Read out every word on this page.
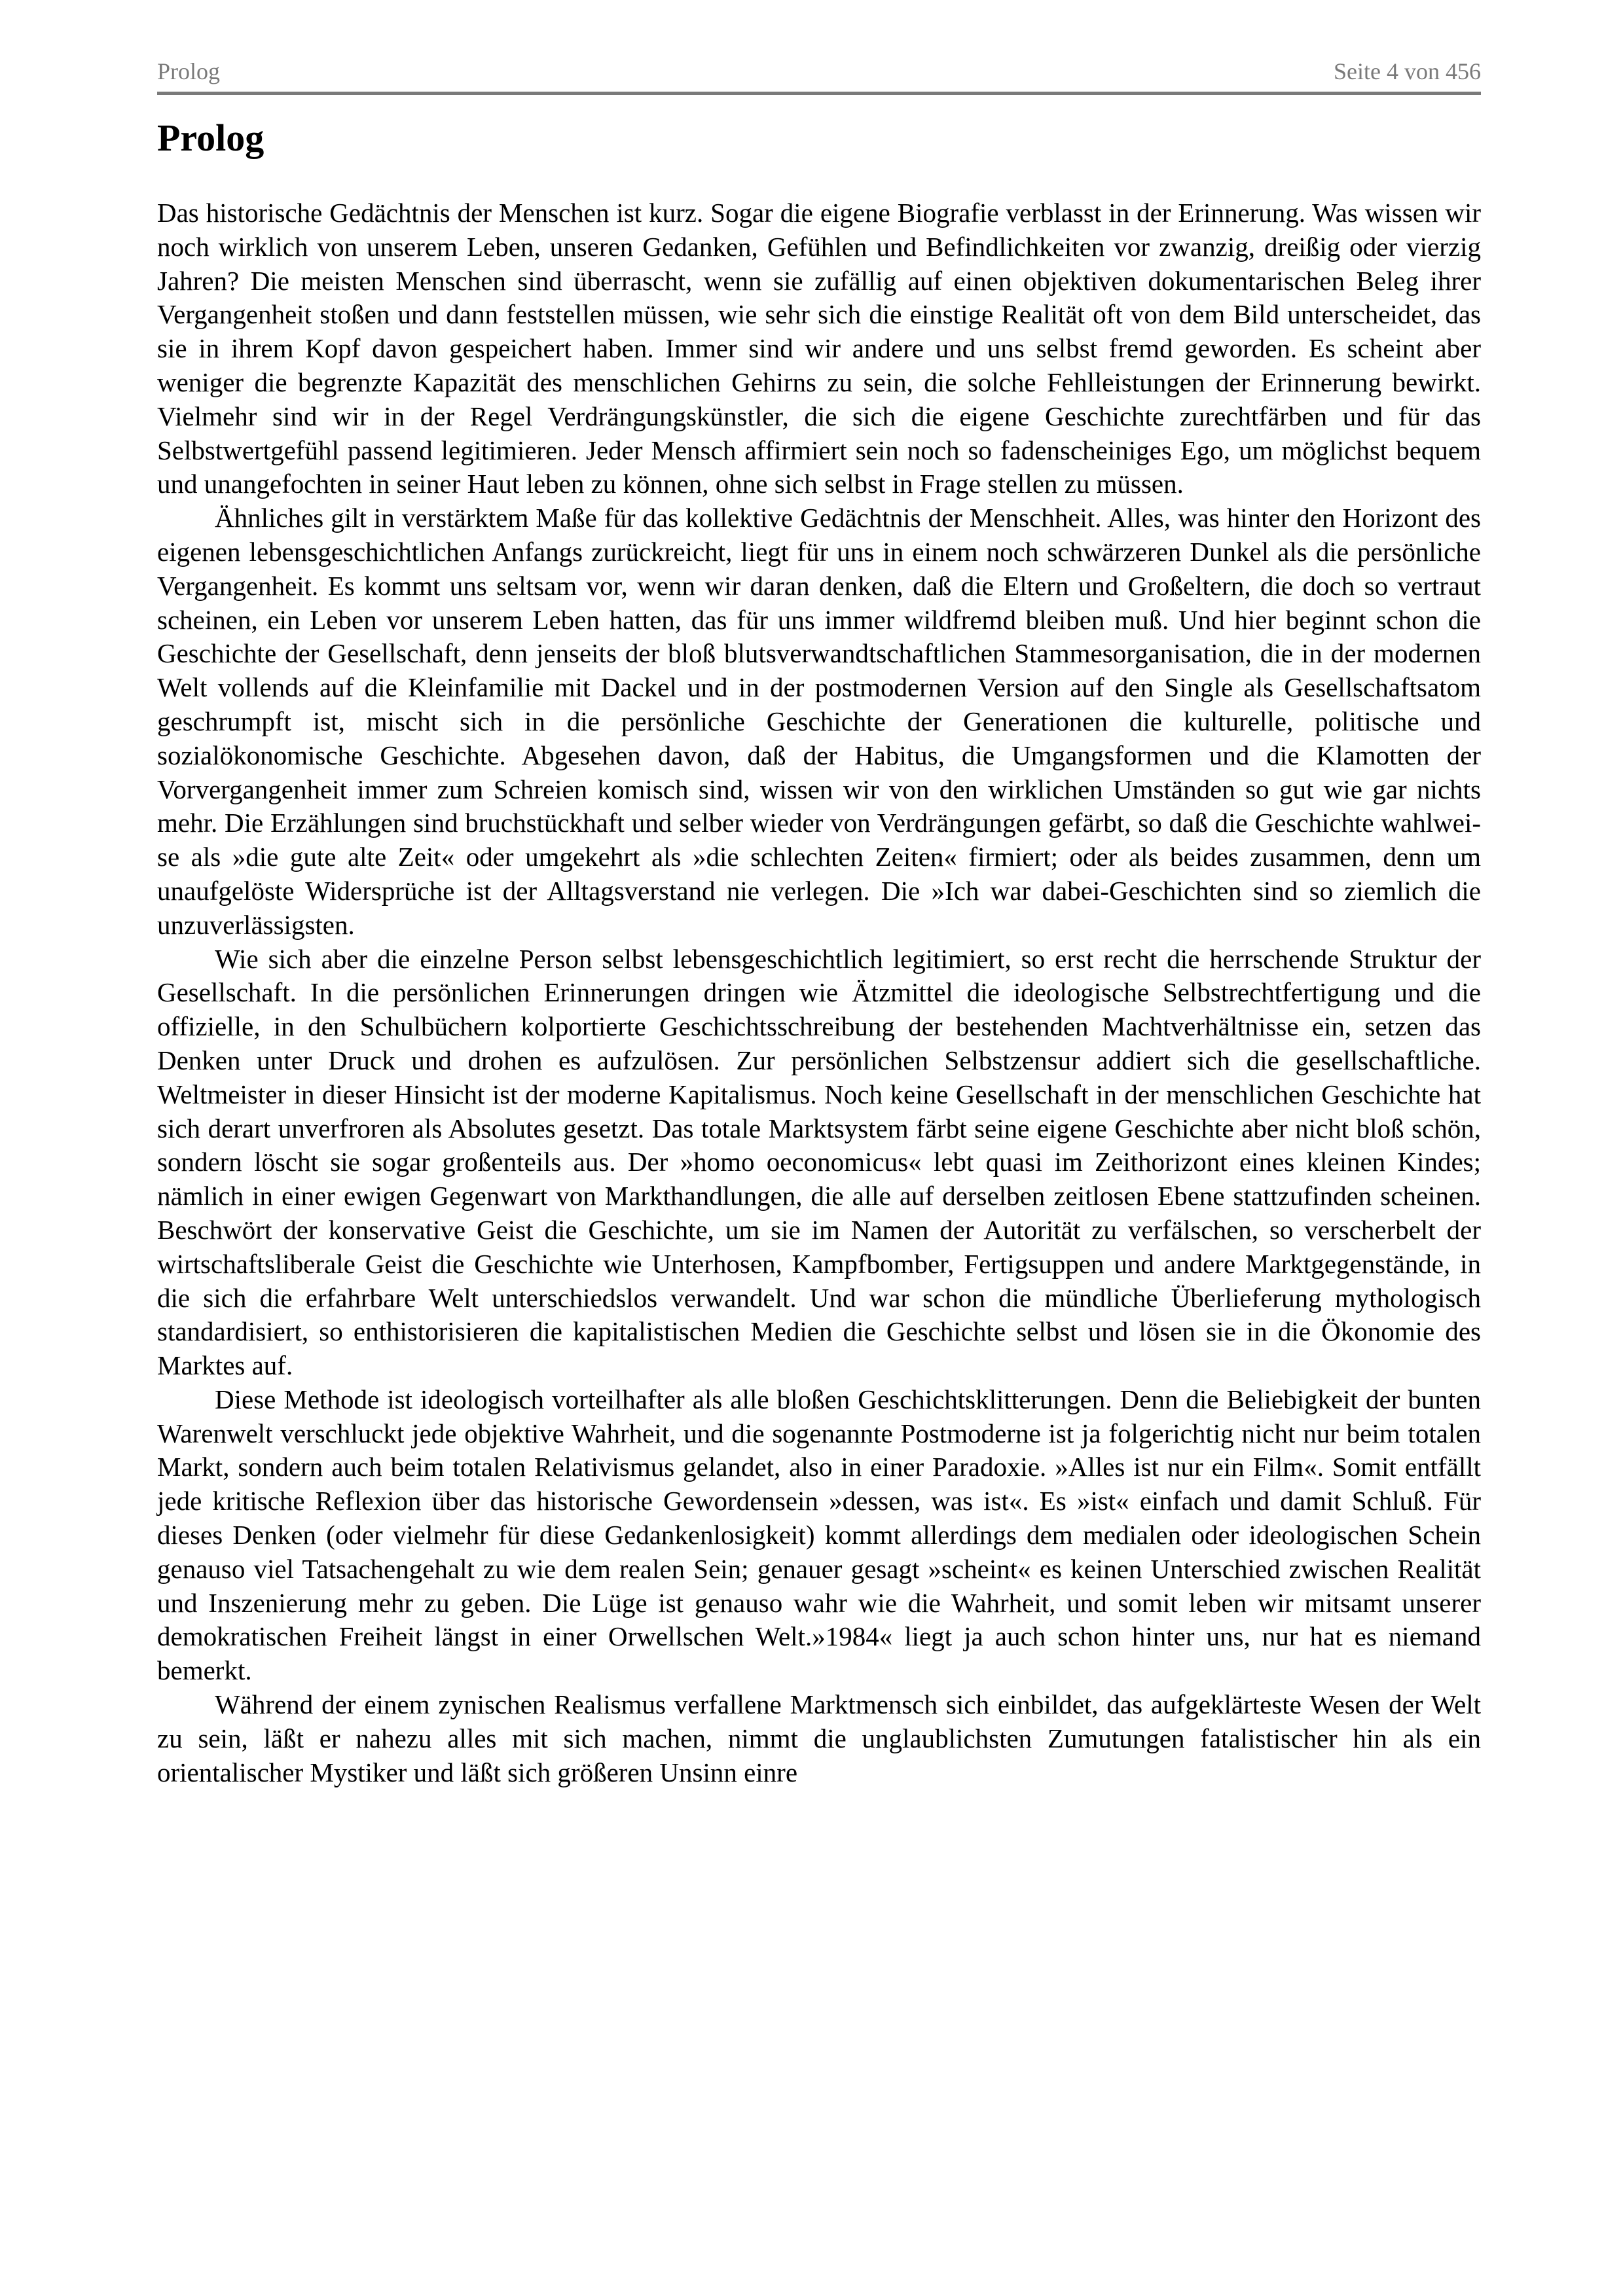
Prolog	Seite 4 von 456
Prolog

Das historische Gedächtnis der Menschen ist kurz. Sogar die eigene Biografie verblasst in der Erinnerung. Was wissen wir noch wirklich von unserem Leben, unseren Gedanken, Gefühlen und Befindlichkeiten vor zwanzig, dreißig oder vierzig Jahren? Die meisten Menschen sind überrascht, wenn sie zufällig auf einen objektiven dokumentarischen Beleg ihrer Vergangenheit stoßen und dann feststellen müssen, wie sehr sich die einstige Realität oft von dem Bild unterscheidet, das sie in ihrem Kopf davon gespeichert haben. Immer sind wir andere und uns selbst fremd geworden. Es scheint aber weniger die begrenzte Kapazität des menschlichen Gehirns zu sein, die solche Fehlleistungen der Erinnerung bewirkt. Vielmehr sind wir in der Regel Verdrängungskünstler, die sich die eigene Geschichte zurechtfärben und für das Selbstwertgefühl passend legitimieren. Jeder Mensch affirmiert sein noch so fadenscheiniges Ego, um möglichst bequem und unangefochten in seiner Haut leben zu können, ohne sich selbst in Frage stellen zu müssen.

Ähnliches gilt in verstärktem Maße für das kollektive Gedächtnis der Menschheit. Alles, was hinter den Horizont des eigenen lebensgeschichtlichen Anfangs zurückreicht, liegt für uns in einem noch schwärzeren Dunkel als die persönliche Vergangenheit. Es kommt uns seltsam vor, wenn wir daran denken, daß die Eltern und Großeltern, die doch so vertraut scheinen, ein Leben vor unserem Leben hatten, das für uns immer wildfremd bleiben muß. Und hier beginnt schon die Geschichte der Gesellschaft, denn jenseits der bloß blutsverwandtschaftlichen Stammesorganisation, die in der modernen Welt vollends auf die Kleinfamilie mit Dackel und in der postmodernen Version auf den Single als Gesellschaftsatom geschrumpft ist, mischt sich in die persönliche Geschichte der Generationen die kulturelle, politische und sozialökonomische Geschichte. Abgesehen davon, daß der Habitus, die Umgangsformen und die Klamotten der Vorvergangenheit immer zum Schreien komisch sind, wissen wir von den wirklichen Umständen so gut wie gar nichts mehr. Die Erzählungen sind bruchstückhaft und selber wieder von Verdrängungen gefärbt, so daß die Geschichte wahlweise als »die gute alte Zeit« oder umgekehrt als »die schlechten Zeiten« firmiert; oder als beides zusammen, denn um unaufgelöste Widersprüche ist der Alltagsverstand nie verlegen. Die »Ich war dabei-Geschichten sind so ziemlich die unzuverlässigsten.

Wie sich aber die einzelne Person selbst lebensgeschichtlich legitimiert, so erst recht die herrschende Struktur der Gesellschaft. In die persönlichen Erinnerungen dringen wie Ätzmittel die ideologische Selbstrechtfertigung und die offizielle, in den Schulbüchern kolportierte Geschichtsschreibung der bestehenden Machtverhältnisse ein, setzen das Denken unter Druck und drohen es aufzulösen. Zur persönlichen Selbstzensur addiert sich die gesellschaftliche. Weltmeister in dieser Hinsicht ist der moderne Kapitalismus. Noch keine Gesellschaft in der menschlichen Geschichte hat sich derart unverfroren als Absolutes gesetzt. Das totale Marktsystem färbt seine eigene Geschichte aber nicht bloß schön, sondern löscht sie sogar großenteils aus. Der »homo oeconomicus« lebt quasi im Zeithorizont eines kleinen Kindes; nämlich in einer ewigen Gegenwart von Markthandlungen, die alle auf derselben zeitlosen Ebene stattzufinden scheinen. Beschwört der konservative Geist die Geschichte, um sie im Namen der Autorität zu verfälschen, so verscherbelt der wirtschaftsliberale Geist die Geschichte wie Unterhosen, Kampfbomber, Fertigsuppen und andere Marktgegenstände, in die sich die erfahrbare Welt unterschiedslos verwandelt. Und war schon die mündliche Überlieferung mythologisch standardisiert, so enthistorisieren die kapitalistischen Medien die Geschichte selbst und lösen sie in die Ökonomie des Marktes auf.

Diese Methode ist ideologisch vorteilhafter als alle bloßen Geschichtsklitterungen. Denn die Beliebigkeit der bunten Warenwelt verschluckt jede objektive Wahrheit, und die sogenannte Postmoderne ist ja folgerichtig nicht nur beim totalen Markt, sondern auch beim totalen Relativismus gelandet, also in einer Paradoxie. »Alles ist nur ein Film«. Somit entfällt jede kritische Reflexion über das historische Gewordensein »dessen, was ist«. Es »ist« einfach und damit Schluß. Für dieses Denken (oder vielmehr für diese Gedankenlosigkeit) kommt allerdings dem medialen oder ideologischen Schein genauso viel Tatsachengehalt zu wie dem realen Sein; genauer gesagt »scheint« es keinen Unterschied zwischen Realität und Inszenierung mehr zu geben. Die Lüge ist genauso wahr wie die Wahrheit, und somit leben wir mitsamt unserer demokratischen Freiheit längst in einer Orwellschen Welt.»1984« liegt ja auch schon hinter uns, nur hat es niemand bemerkt.

Während der einem zynischen Realismus verfallene Marktmensch sich einbildet, das aufgeklärteste Wesen der Welt zu sein, läßt er nahezu alles mit sich machen, nimmt die unglaublichsten Zumutungen fatalistischer hin als ein orientalischer Mystiker und läßt sich größeren Unsinn einre
